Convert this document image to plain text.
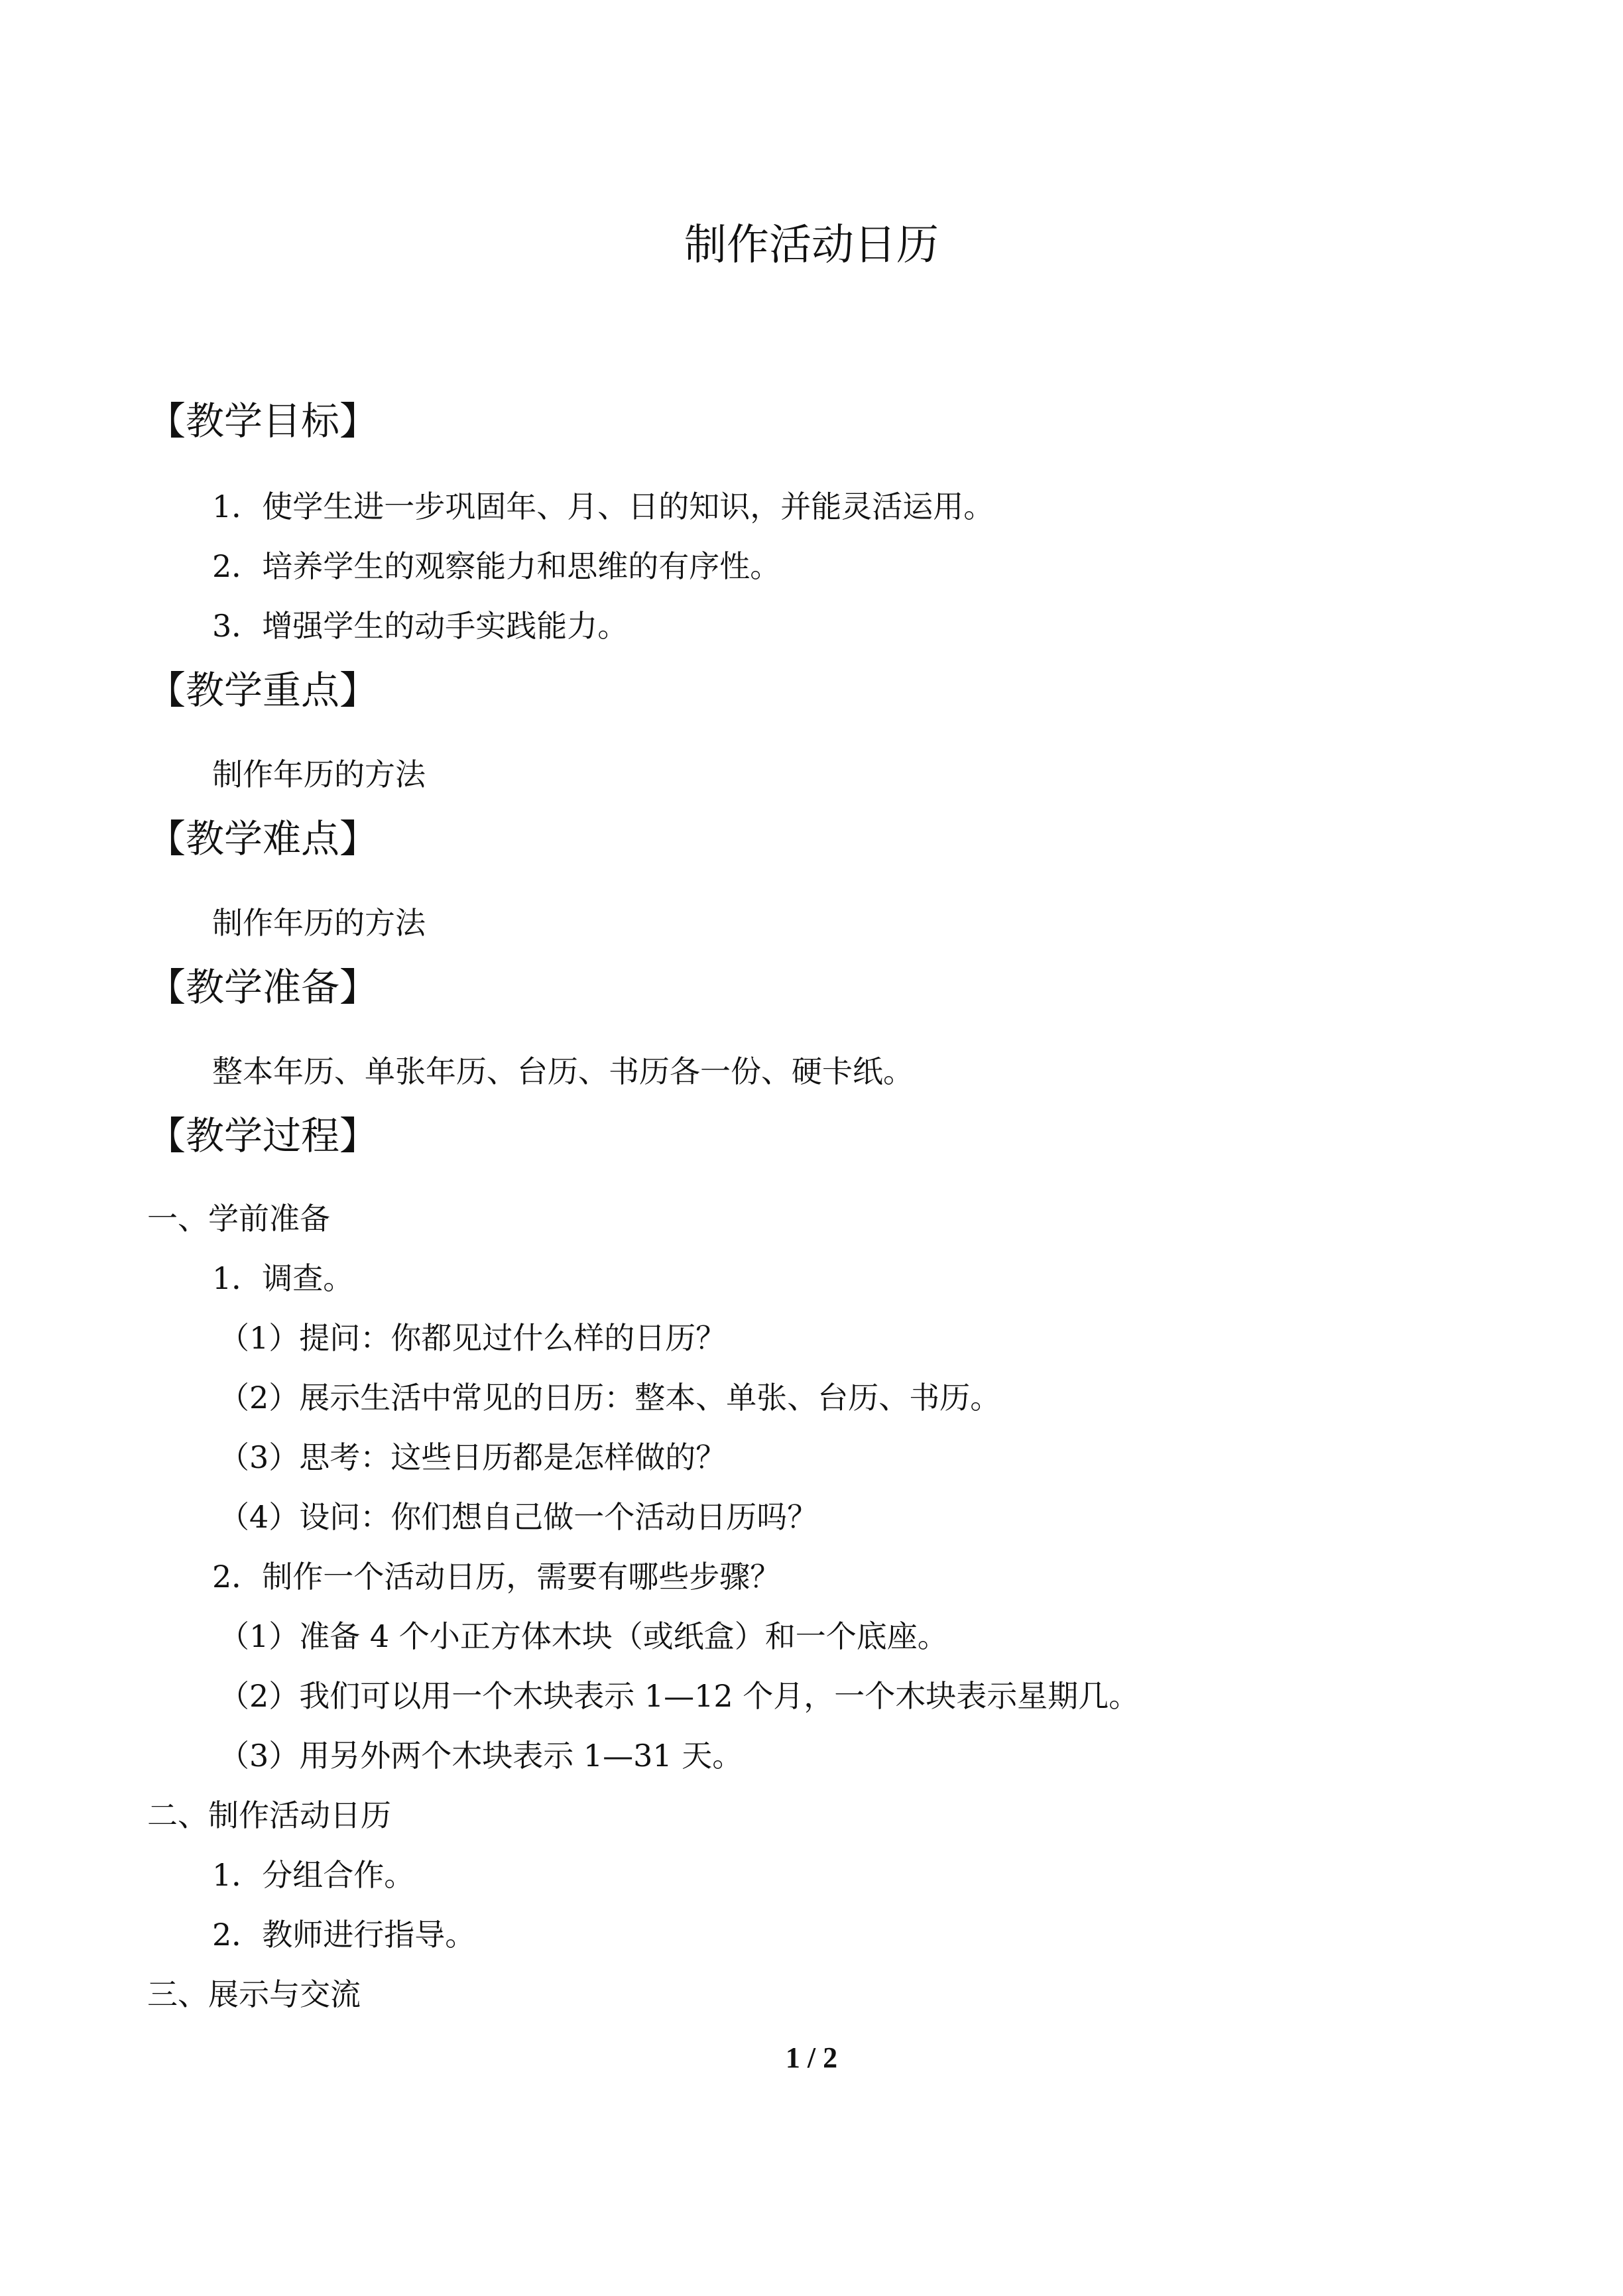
制作活动日历
【教学目标】
1．使学生进一步巩固年、月、日的知识，并能灵活运用。
2．培养学生的观察能力和思维的有序性。
3．增强学生的动手实践能力。
【教学重点】
制作年历的方法
【教学难点】
制作年历的方法
【教学准备】
整本年历、单张年历、台历、书历各一份、硬卡纸。
【教学过程】
一、学前准备
1．调查。
（1）提问：你都见过什么样的日历？
（2）展示生活中常见的日历：整本、单张、台历、书历。
（3）思考：这些日历都是怎样做的？
（4）设问：你们想自己做一个活动日历吗？
2．制作一个活动日历，需要有哪些步骤？
（1）准备 4 个小正方体木块（或纸盒）和一个底座。
（2）我们可以用一个木块表示 1—12 个月，一个木块表示星期几。
（3）用另外两个木块表示 1—31 天。
二、制作活动日历
1．分组合作。
2．教师进行指导。
三、展示与交流
1 / 2
